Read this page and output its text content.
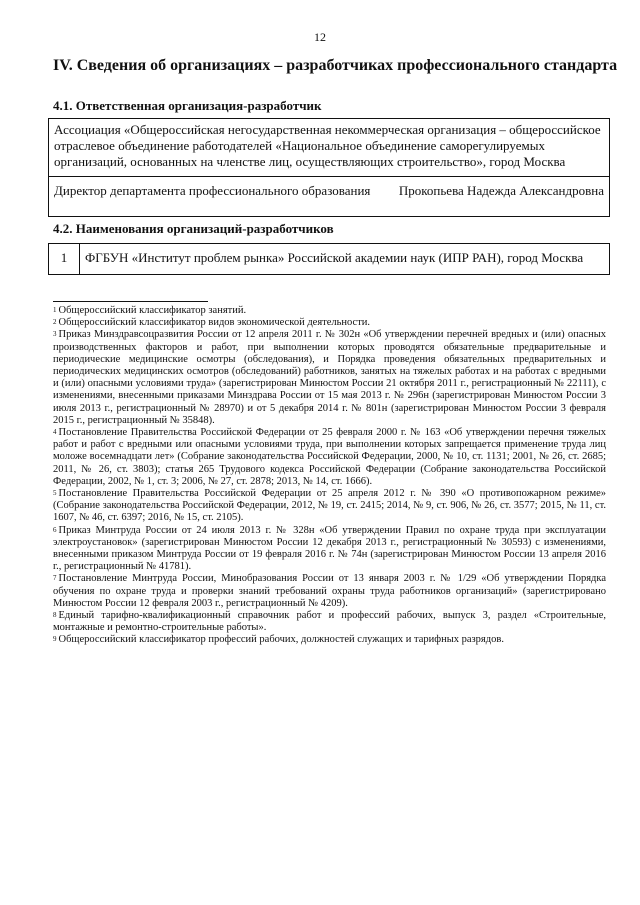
12
IV. Сведения об организациях – разработчиках профессионального стандарта
4.1. Ответственная организация-разработчик
Ассоциация «Общероссийская негосударственная некоммерческая организация – общероссийское отраслевое объединение работодателей «Национальное объединение саморегулируемых организаций, основанных на членстве лиц, осуществляющих строительство», город Москва

Директор департамента профессионального образования Прокопьева Надежда Александровна
4.2. Наименования организаций-разработчиков
1	ФГБУН «Институт проблем рынка» Российской академии наук (ИПР РАН), город Москва

$^1$ Общероссийский классификатор занятий.

$^2$ Общероссийский классификатор видов экономической деятельности.

$^3$ Приказ Минздравсоцразвития России от 12 апреля 2011 г. № 302н «Об утверждении перечней вредных и (или) опасных производственных факторов и работ, при выполнении которых проводятся обязательные предварительные и периодические медицинские осмотры (обследования), и Порядка проведения обязательных предварительных и периодических медицинских осмотров (обследований) работников, занятых на тяжелых работах и на работах с вредными и (или) опасными условиями труда» (зарегистрирован Минюстом России 21 октября 2011 г., регистрационный № 22111), с изменениями, внесенными приказами Минздрава России от 15 мая 2013 г. № 296н (зарегистрирован Минюстом России 3 июля 2013 г., регистрационный № 28970) и от 5 декабря 2014 г. № 801н (зарегистрирован Минюстом России 3 февраля 2015 г., регистрационный № 35848).

$^4$ Постановление Правительства Российской Федерации от 25 февраля 2000 г. № 163 «Об утверждении перечня тяжелых работ и работ с вредными или опасными условиями труда, при выполнении которых запрещается применение труда лиц моложе восемнадцати лет» (Собрание законодательства Российской Федерации, 2000, № 10, ст. 1131; 2001, № 26, ст. 2685; 2011, № 26, ст. 3803); статья 265 Трудового кодекса Российской Федерации (Собрание законодательства Российской Федерации, 2002, № 1, ст. 3; 2006, № 27, ст. 2878; 2013, № 14, ст. 1666).

$^5$ Постановление Правительства Российской Федерации от 25 апреля 2012 г. № 390 «О противопожарном режиме» (Собрание законодательства Российской Федерации, 2012, № 19, ст. 2415; 2014, № 9, ст. 906, № 26, ст. 3577; 2015, № 11, ст. 1607, № 46, ст. 6397; 2016, № 15, ст. 2105).

$^6$ Приказ Минтруда России от 24 июля 2013 г. № 328н «Об утверждении Правил по охране труда при эксплуатации электроустановок» (зарегистрирован Минюстом России 12 декабря 2013 г., регистрационный № 30593) с изменениями, внесенными приказом Минтруда России от 19 февраля 2016 г. № 74н (зарегистрирован Минюстом России 13 апреля 2016 г., регистрационный № 41781).

$^7$ Постановление Минтруда России, Минобразования России от 13 января 2003 г. № 1/29 «Об утверждении Порядка обучения по охране труда и проверки знаний требований охраны труда работников организаций» (зарегистрировано Минюстом России 12 февраля 2003 г., регистрационный № 4209).

$^8$ Единый тарифно-квалификационный справочник работ и профессий рабочих, выпуск 3, раздел «Строительные, монтажные и ремонтно-строительные работы».

$^9$ Общероссийский классификатор профессий рабочих, должностей служащих и тарифных разрядов.
